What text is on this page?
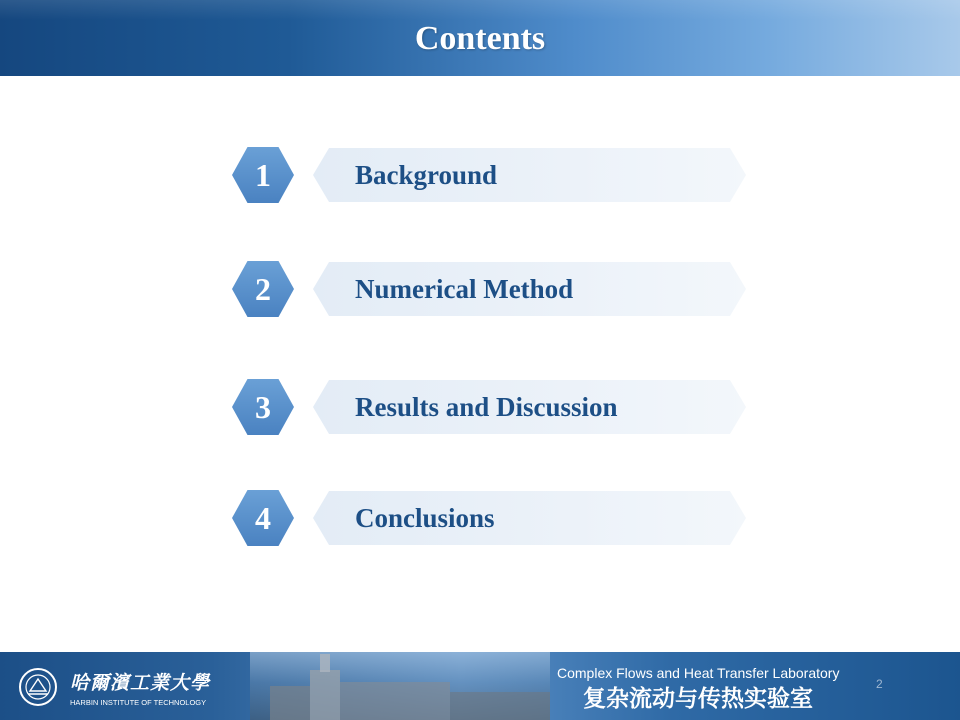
Contents
Background
1
Numerical Method
2
Results and Discussion
3
Conclusions
4
哈爾濱工業大學
HARBIN INSTITUTE OF TECHNOLOGY
Complex Flows and Heat Transfer Laboratory
复杂流动与传热实验室
2
